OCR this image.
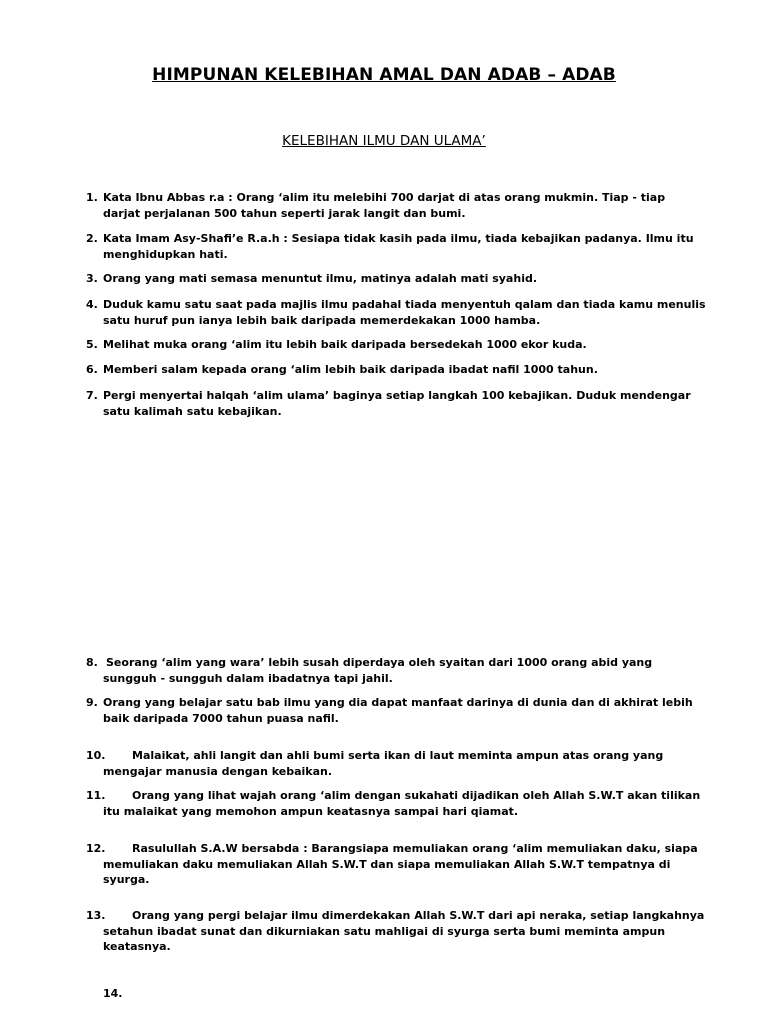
HIMPUNAN KELEBIHAN AMAL DAN ADAB – ADAB
KELEBIHAN ILMU DAN ULAMA’
1. Kata Ibnu Abbas r.a : Orang ‘alim itu melebihi 700 darjat di atas orang mukmin. Tiap - tiap
darjat perjalanan 500 tahun seperti jarak langit dan bumi.
2. Kata Imam Asy-Shafi’e R.a.h : Sesiapa tidak kasih pada ilmu, tiada kebajikan padanya. Ilmu itu
menghidupkan hati.
3. Orang yang mati semasa menuntut ilmu, matinya adalah mati syahid.
4. Duduk kamu satu saat pada majlis ilmu padahal tiada menyentuh qalam dan tiada kamu menulis
satu huruf pun ianya lebih baik daripada memerdekakan 1000 hamba.
5. Melihat muka orang ‘alim itu lebih baik daripada bersedekah 1000 ekor kuda.
6. Memberi salam kepada orang ‘alim lebih baik daripada ibadat nafil 1000 tahun.
7. Pergi menyertai halqah ‘alim ulama’ baginya setiap langkah 100 kebajikan. Duduk mendengar
satu kalimah satu kebajikan.
8. Seorang ‘alim yang wara’ lebih susah diperdaya oleh syaitan dari 1000 orang abid yang
sungguh - sungguh dalam ibadatnya tapi jahil.
9. Orang yang belajar satu bab ilmu yang dia dapat manfaat darinya di dunia dan di akhirat lebih
baik daripada 7000 tahun puasa nafil.
10. Malaikat, ahli langit dan ahli bumi serta ikan di laut meminta ampun atas orang yang
mengajar manusia dengan kebaikan.
11. Orang yang lihat wajah orang ‘alim dengan sukahati dijadikan oleh Allah S.W.T akan tilikan
itu malaikat yang memohon ampun keatasnya sampai hari qiamat.
12. Rasulullah S.A.W bersabda : Barangsiapa memuliakan orang ‘alim memuliakan daku, siapa
memuliakan daku memuliakan Allah S.W.T dan siapa memuliakan Allah S.W.T tempatnya di
syurga.
13. Orang yang pergi belajar ilmu dimerdekakan Allah S.W.T dari api neraka, setiap langkahnya
setahun ibadat sunat dan dikurniakan satu mahligai di syurga serta bumi meminta ampun
keatasnya.
14.
